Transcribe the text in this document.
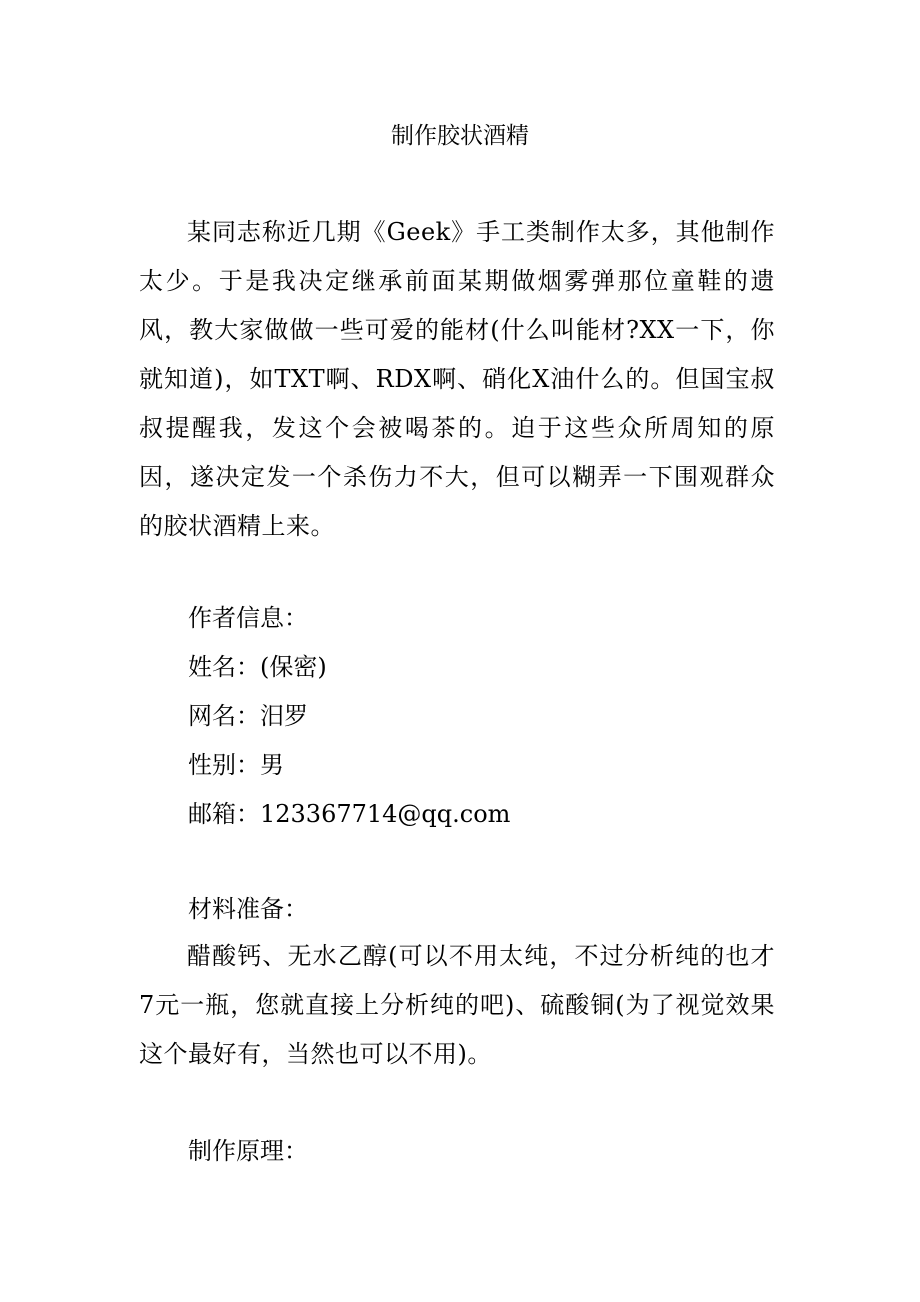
制作胶状酒精

某同志称近几期《Geek》手工类制作太多，其他制作太少。于是我决定继承前面某期做烟雾弹那位童鞋的遗风，教大家做做一些可爱的能材(什么叫能材?XX一下，你就知道)，如TXT啊、RDX啊、硝化X油什么的。但国宝叔叔提醒我，发这个会被喝茶的。迫于这些众所周知的原因，遂决定发一个杀伤力不大，但可以糊弄一下围观群众的胶状酒精上来。

作者信息：

姓名：(保密)

网名：汨罗

性别：男

邮箱：123367714@qq.com

材料准备：

醋酸钙、无水乙醇(可以不用太纯，不过分析纯的也才7元一瓶，您就直接上分析纯的吧)、硫酸铜(为了视觉效果这个最好有，当然也可以不用)。

制作原理：
